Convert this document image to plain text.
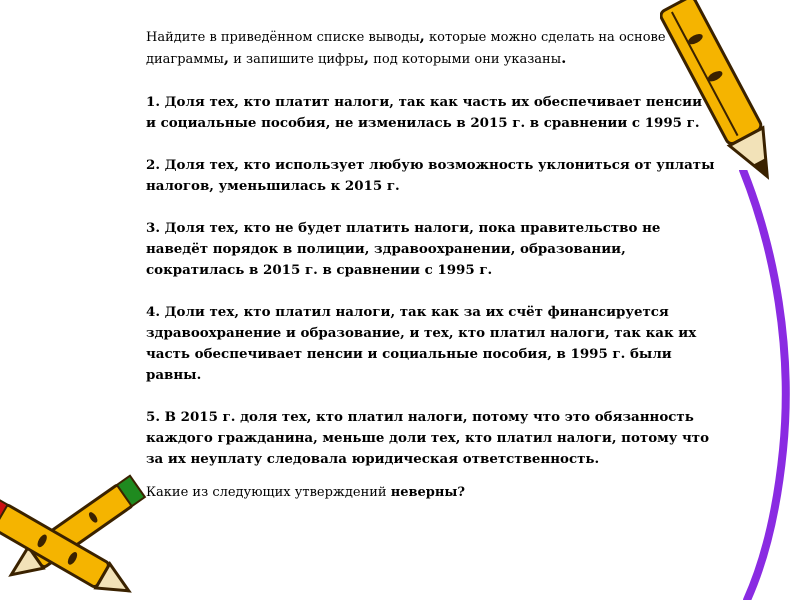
Найдите в приведённом списке выводы, которые можно сделать на основе диаграммы, и запишите цифры, под которыми они указаны.

1. Доля тех, кто платит налоги, так как часть их обеспечивает пенсии и социальные пособия, не изменилась в 2015 г. в сравнении с 1995 г.

2. Доля тех, кто использует любую возможность уклониться от уплаты налогов, уменьшилась к 2015 г.

3. Доля тех, кто не будет платить налоги, пока правительство не наведёт порядок в полиции, здравоохранении, образовании, сократилась в 2015 г. в сравнении с 1995 г.

4. Доли тех, кто платил налоги, так как за их счёт финансируется здравоохранение и образование, и тех, кто платил налоги, так как их часть обеспечивает пенсии и социальные пособия, в 1995 г. были равны.

5. В 2015 г. доля тех, кто платил налоги, потому что это обязанность каждого гражданина, меньше доли тех, кто платил налоги, потому что за их неуплату следовала юридическая ответственность.

Какие из следующих утверждений неверны?
